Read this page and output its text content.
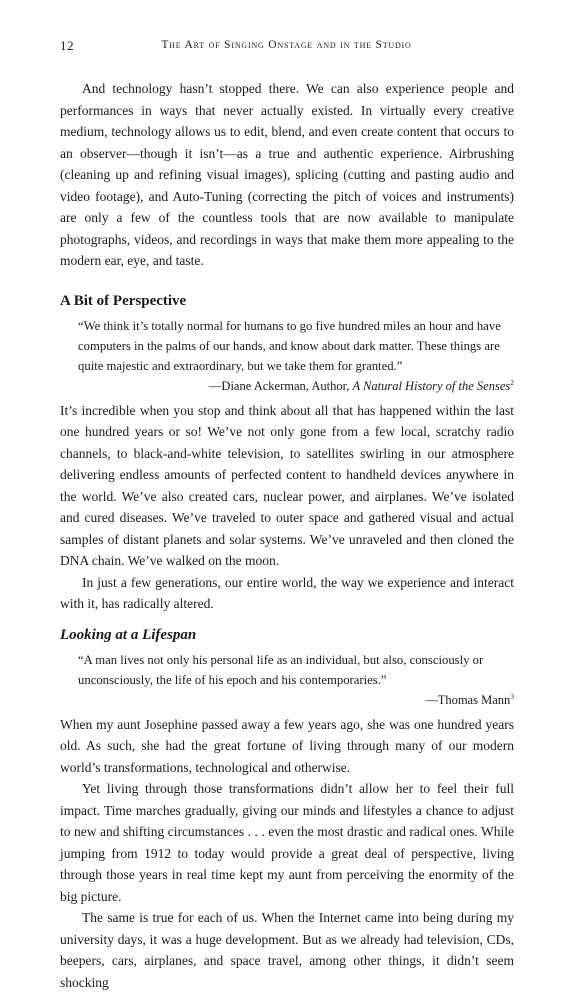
12	The Art of Singing Onstage and in the Studio

And technology hasn’t stopped there. We can also experience people and performances in ways that never actually existed. In virtually every creative medium, technology allows us to edit, blend, and even create content that occurs to an observer—though it isn’t—as a true and authentic experience. Airbrushing (cleaning up and refining visual images), splicing (cutting and pasting audio and video footage), and Auto-Tuning (correcting the pitch of voices and instruments) are only a few of the countless tools that are now available to manipulate photographs, videos, and recordings in ways that make them more appealing to the modern ear, eye, and taste.

A Bit of Perspective

“We think it’s totally normal for humans to go five hundred miles an hour and have computers in the palms of our hands, and know about dark matter. These things are quite majestic and extraordinary, but we take them for granted.”

—Diane Ackerman, Author, A Natural History of the Senses$^2$

It’s incredible when you stop and think about all that has happened within the last one hundred years or so! We’ve not only gone from a few local, scratchy radio channels, to black-and-white television, to satellites swirling in our atmosphere delivering endless amounts of perfected content to handheld devices anywhere in the world. We’ve also created cars, nuclear power, and airplanes. We’ve isolated and cured diseases. We’ve traveled to outer space and gathered visual and actual samples of distant planets and solar systems. We’ve unraveled and then cloned the DNA chain. We’ve walked on the moon.

In just a few generations, our entire world, the way we experience and interact with it, has radically altered.

Looking at a Lifespan

“A man lives not only his personal life as an individual, but also, consciously or unconsciously, the life of his epoch and his contemporaries.”

—Thomas Mann$^3$

When my aunt Josephine passed away a few years ago, she was one hundred years old. As such, she had the great fortune of living through many of our modern world’s transformations, technological and otherwise.

Yet living through those transformations didn’t allow her to feel their full impact. Time marches gradually, giving our minds and lifestyles a chance to adjust to new and shifting circumstances . . . even the most drastic and radical ones. While jumping from 1912 to today would provide a great deal of perspective, living through those years in real time kept my aunt from perceiving the enormity of the big picture.

The same is true for each of us. When the Internet came into being during my university days, it was a huge development. But as we already had television, CDs, beepers, cars, airplanes, and space travel, among other things, it didn’t seem shocking
